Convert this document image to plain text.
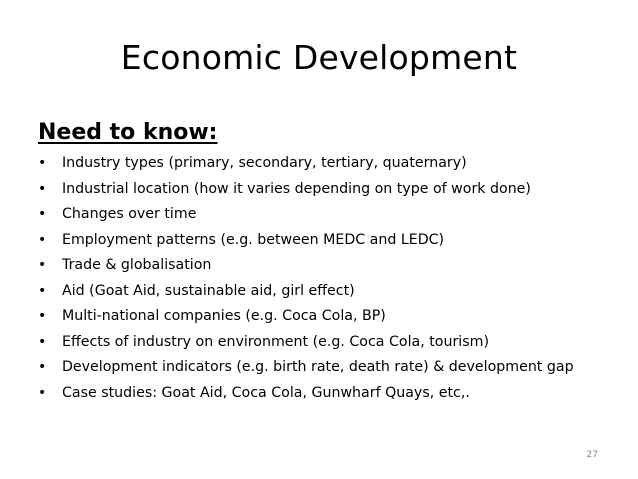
Economic Development
Need to know:
•	Industry types (primary, secondary, tertiary, quaternary)
•	Industrial location (how it varies depending on type of work done)
•	Changes over time
•	Employment patterns (e.g. between MEDC and LEDC)
•	Trade & globalisation
•	Aid (Goat Aid, sustainable aid, girl effect)
•	Multi-national companies (e.g. Coca Cola, BP)
•	Effects of industry on environment (e.g. Coca Cola, tourism)
•	Development indicators (e.g. birth rate, death rate) & development gap
•	Case studies: Goat Aid, Coca Cola, Gunwharf Quays, etc,.
27
